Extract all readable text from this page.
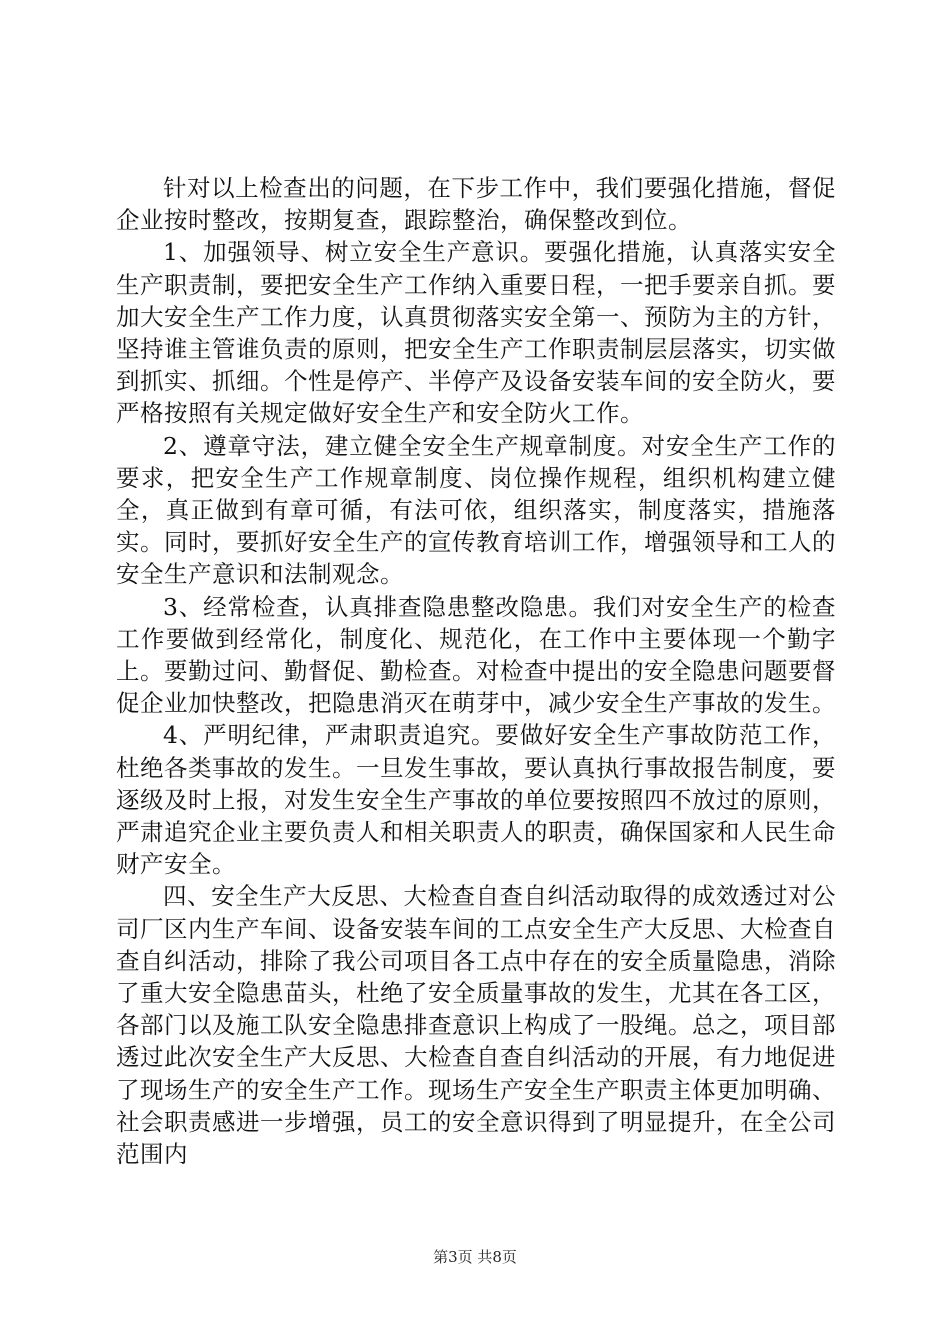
针对以上检查出的问题，在下步工作中，我们要强化措施，督促企业按时整改，按期复查，跟踪整治，确保整改到位。

1、加强领导、树立安全生产意识。要强化措施，认真落实安全生产职责制，要把安全生产工作纳入重要日程，一把手要亲自抓。要加大安全生产工作力度，认真贯彻落实安全第一、预防为主的方针，坚持谁主管谁负责的原则，把安全生产工作职责制层层落实，切实做到抓实、抓细。个性是停产、半停产及设备安装车间的安全防火，要严格按照有关规定做好安全生产和安全防火工作。

2、遵章守法，建立健全安全生产规章制度。对安全生产工作的要求，把安全生产工作规章制度、岗位操作规程，组织机构建立健全，真正做到有章可循，有法可依，组织落实，制度落实，措施落实。同时，要抓好安全生产的宣传教育培训工作，增强领导和工人的安全生产意识和法制观念。

3、经常检查，认真排查隐患整改隐患。我们对安全生产的检查工作要做到经常化，制度化、规范化，在工作中主要体现一个勤字上。要勤过问、勤督促、勤检查。对检查中提出的安全隐患问题要督促企业加快整改，把隐患消灭在萌芽中，减少安全生产事故的发生。

4、严明纪律，严肃职责追究。要做好安全生产事故防范工作，杜绝各类事故的发生。一旦发生事故，要认真执行事故报告制度，要逐级及时上报，对发生安全生产事故的单位要按照四不放过的原则，严肃追究企业主要负责人和相关职责人的职责，确保国家和人民生命财产安全。

四、安全生产大反思、大检查自查自纠活动取得的成效透过对公司厂区内生产车间、设备安装车间的工点安全生产大反思、大检查自查自纠活动，排除了我公司项目各工点中存在的安全质量隐患，消除了重大安全隐患苗头，杜绝了安全质量事故的发生，尤其在各工区，各部门以及施工队安全隐患排查意识上构成了一股绳。总之，项目部透过此次安全生产大反思、大检查自查自纠活动的开展，有力地促进了现场生产的安全生产工作。现场生产安全生产职责主体更加明确、社会职责感进一步增强，员工的安全意识得到了明显提升，在全公司范围内

第3页 共8页
